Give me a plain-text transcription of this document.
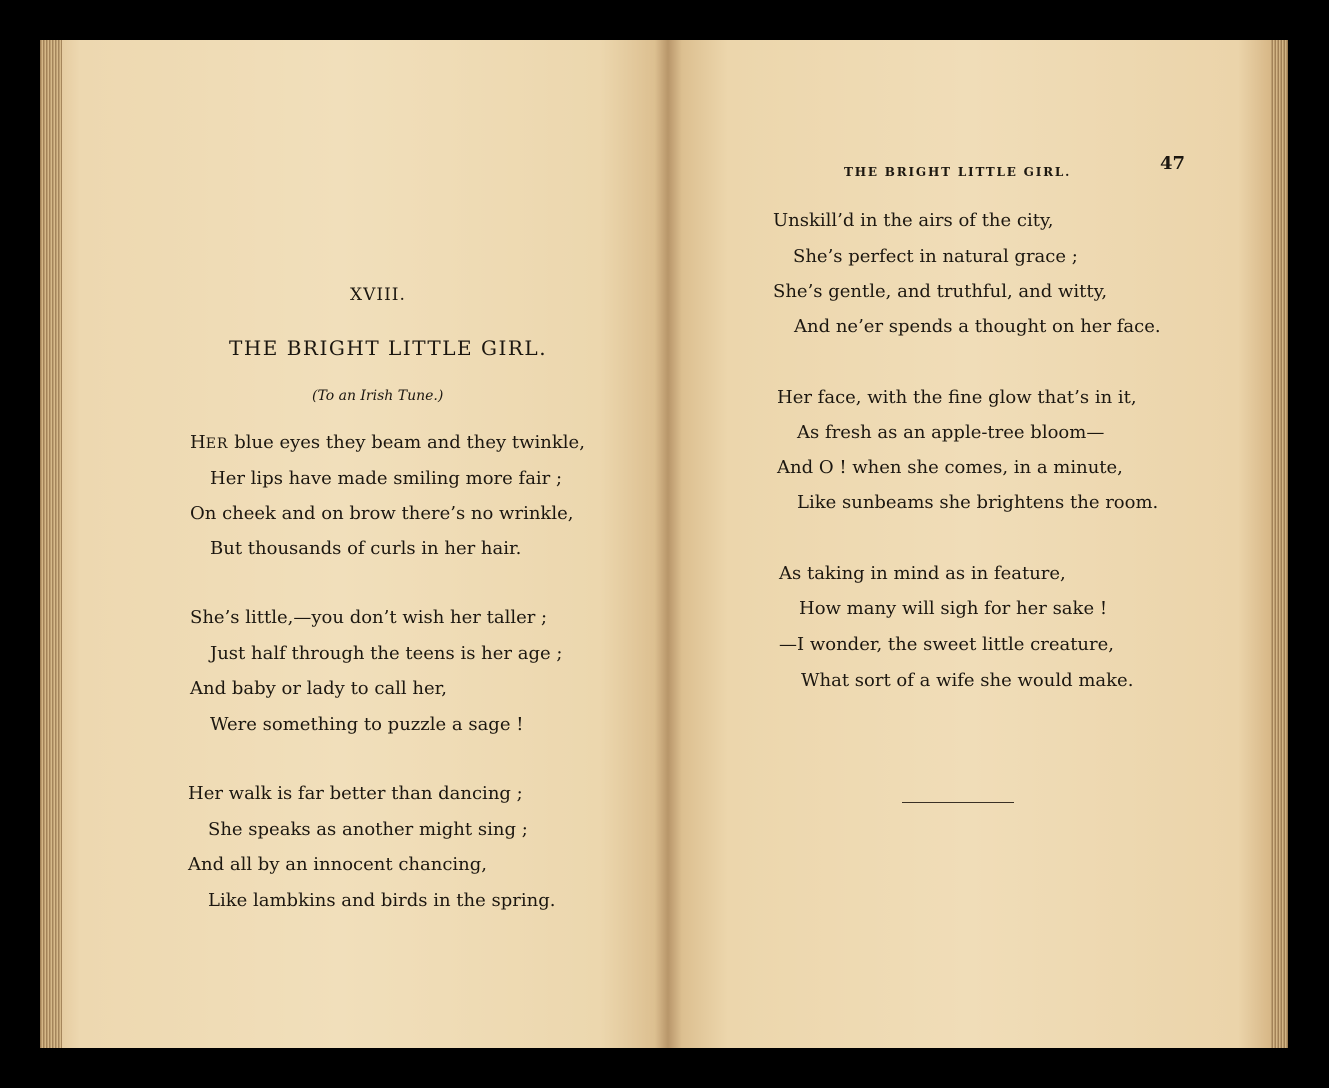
XVIII.
THE BRIGHT LITTLE GIRL.
(To an Irish Tune.)
HER blue eyes they beam and they twinkle,
Her lips have made smiling more fair ;
On cheek and on brow there’s no wrinkle,
But thousands of curls in her hair.
She’s little,—you don’t wish her taller ;
Just half through the teens is her age ;
And baby or lady to call her,
Were something to puzzle a sage !
Her walk is far better than dancing ;
She speaks as another might sing ;
And all by an innocent chancing,
Like lambkins and birds in the spring.
THE BRIGHT LITTLE GIRL.	47
Unskill’d in the airs of the city,
She’s perfect in natural grace ;
She’s gentle, and truthful, and witty,
And ne’er spends a thought on her face.
Her face, with the fine glow that’s in it,
As fresh as an apple-tree bloom—
And O ! when she comes, in a minute,
Like sunbeams she brightens the room.
As taking in mind as in feature,
How many will sigh for her sake !
—I wonder, the sweet little creature,
What sort of a wife she would make.
